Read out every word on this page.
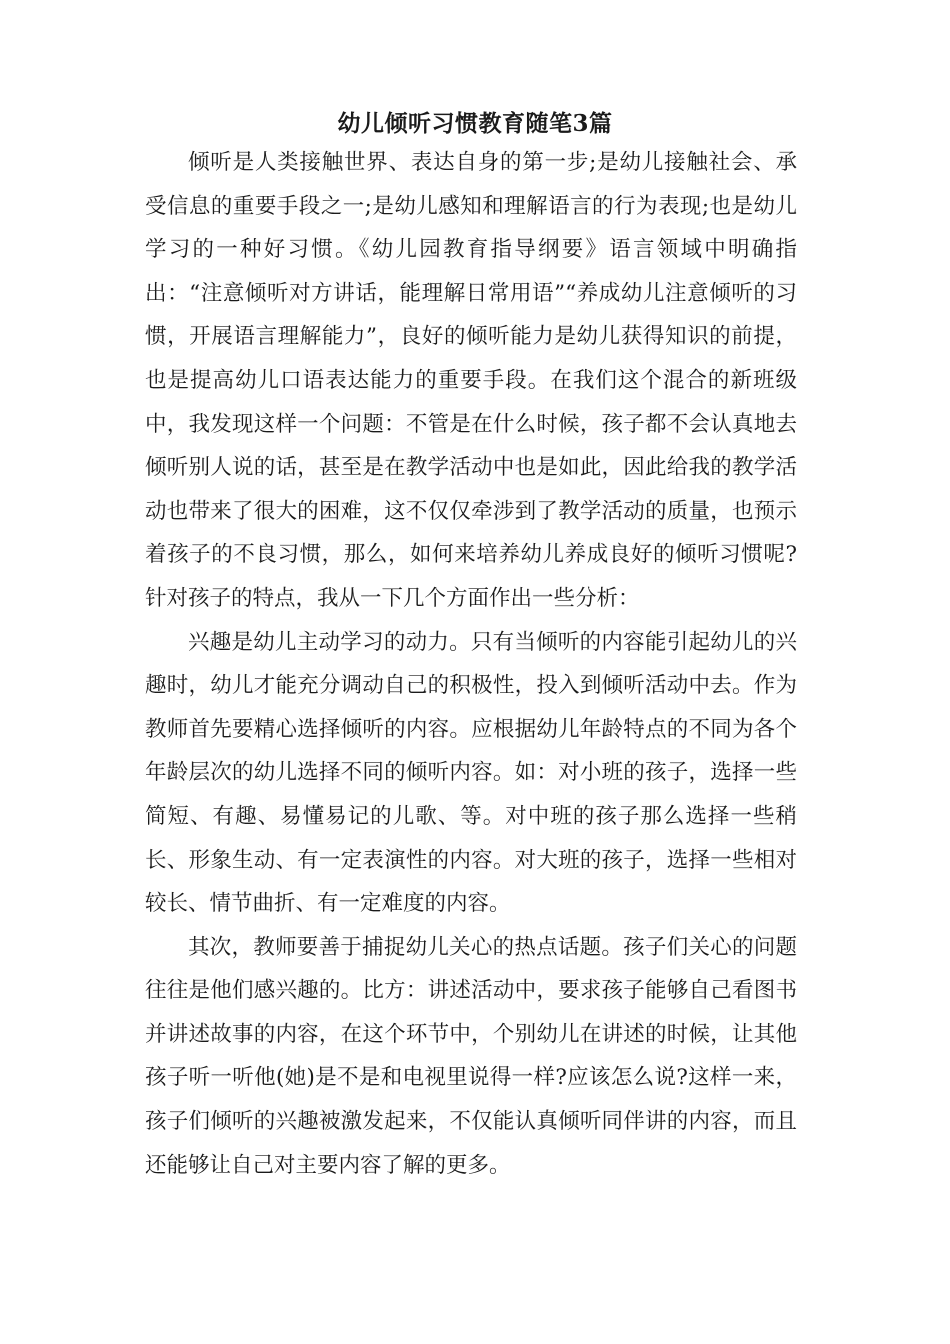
幼儿倾听习惯教育随笔3篇

倾听是人类接触世界、表达自身的第一步;是幼儿接触社会、承受信息的重要手段之一;是幼儿感知和理解语言的行为表现;也是幼儿学习的一种好习惯。《幼儿园教育指导纲要》语言领域中明确指出：“注意倾听对方讲话，能理解日常用语”“养成幼儿注意倾听的习惯，开展语言理解能力”，良好的倾听能力是幼儿获得知识的前提，也是提高幼儿口语表达能力的重要手段。在我们这个混合的新班级中，我发现这样一个问题：不管是在什么时候，孩子都不会认真地去倾听别人说的话，甚至是在教学活动中也是如此，因此给我的教学活动也带来了很大的困难，这不仅仅牵涉到了教学活动的质量，也预示着孩子的不良习惯，那么，如何来培养幼儿养成良好的倾听习惯呢?针对孩子的特点，我从一下几个方面作出一些分析：

兴趣是幼儿主动学习的动力。只有当倾听的内容能引起幼儿的兴趣时，幼儿才能充分调动自己的积极性，投入到倾听活动中去。作为教师首先要精心选择倾听的内容。应根据幼儿年龄特点的不同为各个年龄层次的幼儿选择不同的倾听内容。如：对小班的孩子，选择一些简短、有趣、易懂易记的儿歌、等。对中班的孩子那么选择一些稍长、形象生动、有一定表演性的内容。对大班的孩子，选择一些相对较长、情节曲折、有一定难度的内容。

其次，教师要善于捕捉幼儿关心的热点话题。孩子们关心的问题往往是他们感兴趣的。比方：讲述活动中，要求孩子能够自己看图书并讲述故事的内容，在这个环节中，个别幼儿在讲述的时候，让其他孩子听一听他(她)是不是和电视里说得一样?应该怎么说?这样一来，孩子们倾听的兴趣被激发起来，不仅能认真倾听同伴讲的内容，而且还能够让自己对主要内容了解的更多。
